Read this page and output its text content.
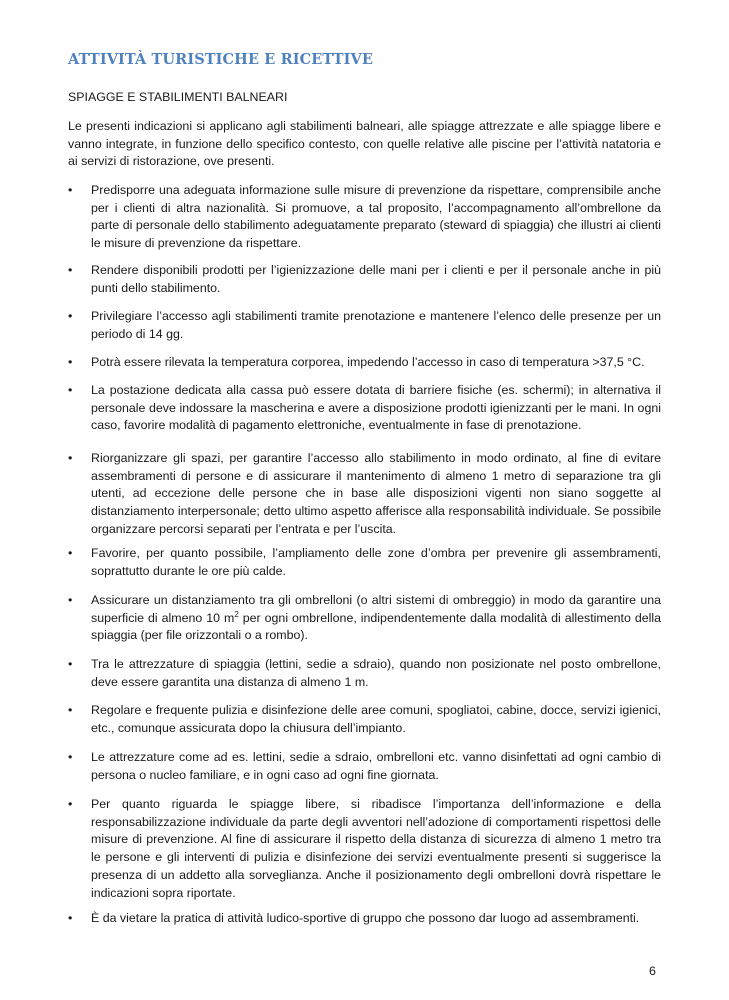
ATTIVITÀ TURISTICHE E RICETTIVE
SPIAGGE E STABILIMENTI BALNEARI

Le presenti indicazioni si applicano agli stabilimenti balneari, alle spiagge attrezzate e alle spiagge libere e vanno integrate, in funzione dello specifico contesto, con quelle relative alle piscine per l’attività natatoria e ai servizi di ristorazione, ove presenti.

•	Predisporre una adeguata informazione sulle misure di prevenzione da rispettare, comprensibile anche per i clienti di altra nazionalità. Si promuove, a tal proposito, l’accompagnamento all’ombrellone da parte di personale dello stabilimento adeguatamente preparato (steward di spiaggia) che illustri ai clienti le misure di prevenzione da rispettare.
•	Rendere disponibili prodotti per l’igienizzazione delle mani per i clienti e per il personale anche in più punti dello stabilimento.
•	Privilegiare l’accesso agli stabilimenti tramite prenotazione e mantenere l’elenco delle presenze per un periodo di 14 gg.
•	Potrà essere rilevata la temperatura corporea, impedendo l’accesso in caso di temperatura >37,5 °C.
•	La postazione dedicata alla cassa può essere dotata di barriere fisiche (es. schermi); in alternativa il personale deve indossare la mascherina e avere a disposizione prodotti igienizzanti per le mani. In ogni caso, favorire modalità di pagamento elettroniche, eventualmente in fase di prenotazione.
•	Riorganizzare gli spazi, per garantire l’accesso allo stabilimento in modo ordinato, al fine di evitare assembramenti di persone e di assicurare il mantenimento di almeno 1 metro di separazione tra gli utenti, ad eccezione delle persone che in base alle disposizioni vigenti non siano soggette al distanziamento interpersonale; detto ultimo aspetto afferisce alla responsabilità individuale. Se possibile organizzare percorsi separati per l’entrata e per l’uscita.
•	Favorire, per quanto possibile, l’ampliamento delle zone d’ombra per prevenire gli assembramenti, soprattutto durante le ore più calde.
•	Assicurare un distanziamento tra gli ombrelloni (o altri sistemi di ombreggio) in modo da garantire una superficie di almeno 10 $m^2$ per ogni ombrellone, indipendentemente dalla modalità di allestimento della spiaggia (per file orizzontali o a rombo).
•	Tra le attrezzature di spiaggia (lettini, sedie a sdraio), quando non posizionate nel posto ombrellone, deve essere garantita una distanza di almeno 1 m.
•	Regolare e frequente pulizia e disinfezione delle aree comuni, spogliatoi, cabine, docce, servizi igienici, etc., comunque assicurata dopo la chiusura dell’impianto.
•	Le attrezzature come ad es. lettini, sedie a sdraio, ombrelloni etc. vanno disinfettati ad ogni cambio di persona o nucleo familiare, e in ogni caso ad ogni fine giornata.
•	Per quanto riguarda le spiagge libere, si ribadisce l’importanza dell’informazione e della responsabilizzazione individuale da parte degli avventori nell’adozione di comportamenti rispettosi delle misure di prevenzione. Al fine di assicurare il rispetto della distanza di sicurezza di almeno 1 metro tra le persone e gli interventi di pulizia e disinfezione dei servizi eventualmente presenti si suggerisce la presenza di un addetto alla sorveglianza. Anche il posizionamento degli ombrelloni dovrà rispettare le indicazioni sopra riportate.
•	È da vietare la pratica di attività ludico-sportive di gruppo che possono dar luogo ad assembramenti.
6
